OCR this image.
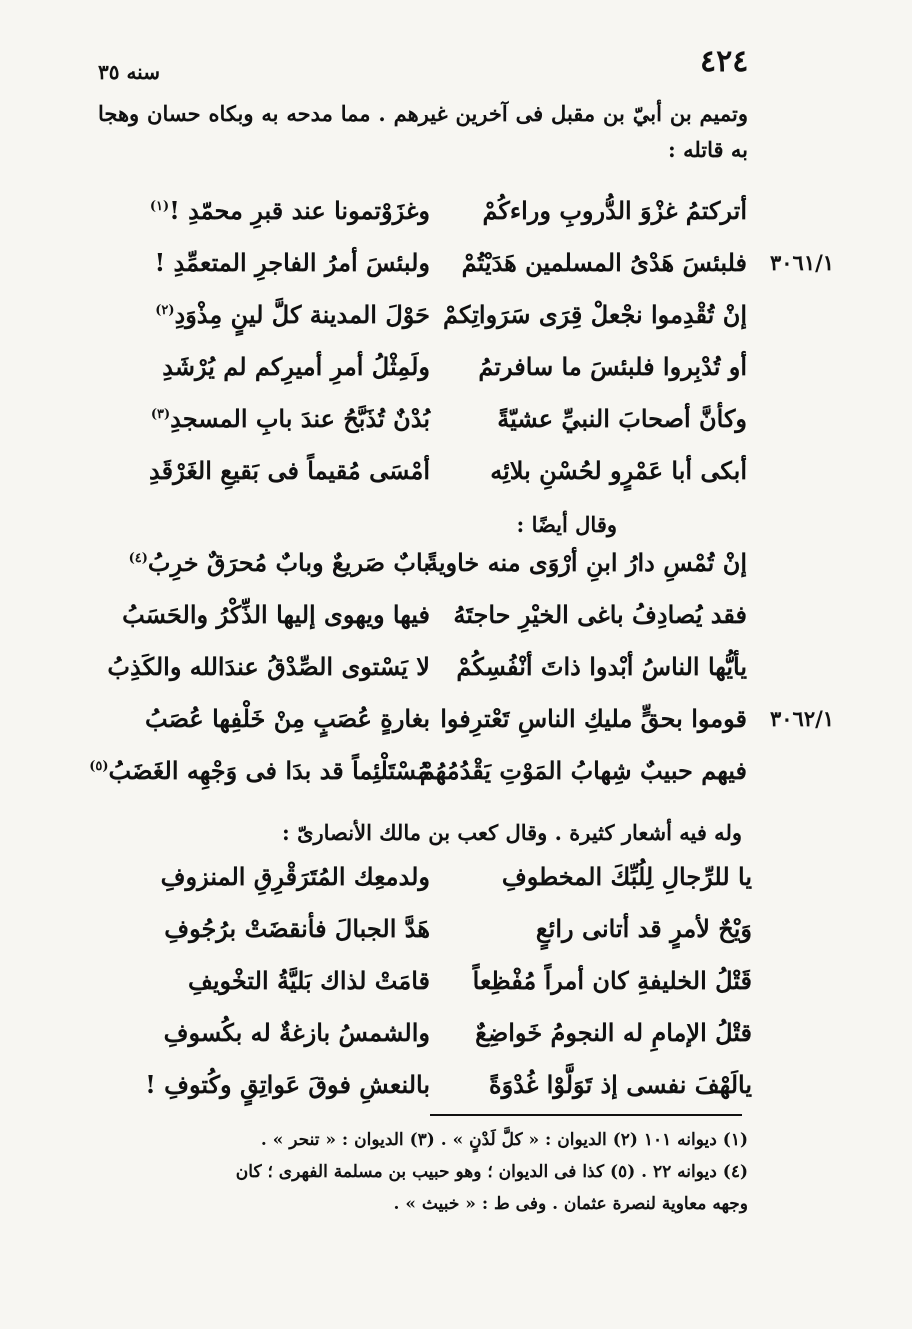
٤٢٤
سنه ٣٥
وتميم بن أبيّ بن مقبل فى آخرين غيرهم . مما مدحه به وبكاه حسان وهجا به قاتله :
أتركتمُ غزْوَ الدُّروبِ وراءكُمْ
وغزَوْتمونا عند قبرِ محمّدِ !$^{(١)}$
فلبئسَ هَدْىُ المسلمين هَدَيْتُمْ
ولبئسَ أمرُ الفاجرِ المتعمِّدِ !
إنْ تُقْدِموا نجْعلْ قِرَى سَرَواتِكمْ
حَوْلَ المدينة كلَّ لينٍ مِذْوَدِ$^{(٢)}$
أو تُدْبِروا فلبئسَ ما سافرتمُ
ولَمِثْلُ أمرِ أميرِكم لم يُرْشَدِ
وكأنَّ أصحابَ النبيِّ عشيّةً
بُدْنٌ تُذَبَّحُ عندَ بابِ المسجدِ$^{(٣)}$
أبكى أبا عَمْرٍو لحُسْنِ بلائِه
أمْسَى مُقيماً فى بَقيعِ الغَرْقَدِ
وقال أيضًا :
إنْ تُمْسِ دارُ ابنِ أرْوَى منه خاويةً
بابٌ صَريعٌ وبابٌ مُحرَقٌ خرِبُ$^{(٤)}$
فقد يُصادِفُ باغى الخيْرِ حاجتَهُ
فيها ويهوى إليها الذِّكْرُ والحَسَبُ
يأيُّها الناسُ أبْدوا ذاتَ أنْفُسِكُمْ
لا يَسْتوى الصِّدْقُ عندَالله والكَذِبُ
قوموا بحقٍّ مليكِ الناسِ تَعْترِفوا
بغارةٍ عُصَبٍ مِنْ خَلْفِها عُصَبُ
فيهم حبيبٌ شِهابُ المَوْتِ يَقْدُمُهُمْ
مُسْتَلْئِماً قد بدَا فى وَجْهِه الغَضَبُ$^{(٥)}$
٣٠٦١/١
٣٠٦٢/١
وله فيه أشعار كثيرة . وقال كعب بن مالك الأنصارىّ :
يا للرِّجالِ لِلُبِّكَ المخطوفِ
ولدمعِك المُتَرَقْرِقِ المنزوفِ
وَيْحٌ لأمرٍ قد أتانى رائعٍ
هَدَّ الجبالَ فأنقضَتْ برُجُوفِ
قَتْلُ الخليفةِ كان أمراً مُفْظِعاً
قامَتْ لذاك بَليَّةُ التخْويفِ
قتْلُ الإمامِ له النجومُ خَواضِعٌ
والشمسُ بازغةٌ له بكُسوفِ
يالَهْفَ نفسى إذ تَوَلَّوْا غُدْوَةً
بالنعشِ فوقَ عَواتِقٍ وكُتوفِ !
(١) ديوانه ١٠١ (٢) الديوان : « كلَّ لَدْنٍ » . (٣) الديوان : « تنحر » .
(٤) ديوانه ٢٢ . (٥) كذا فى الديوان ؛ وهو حبيب بن مسلمة الفهرى ؛ كان
وجهه معاوية لنصرة عثمان . وفى ط : « خبيث » .
